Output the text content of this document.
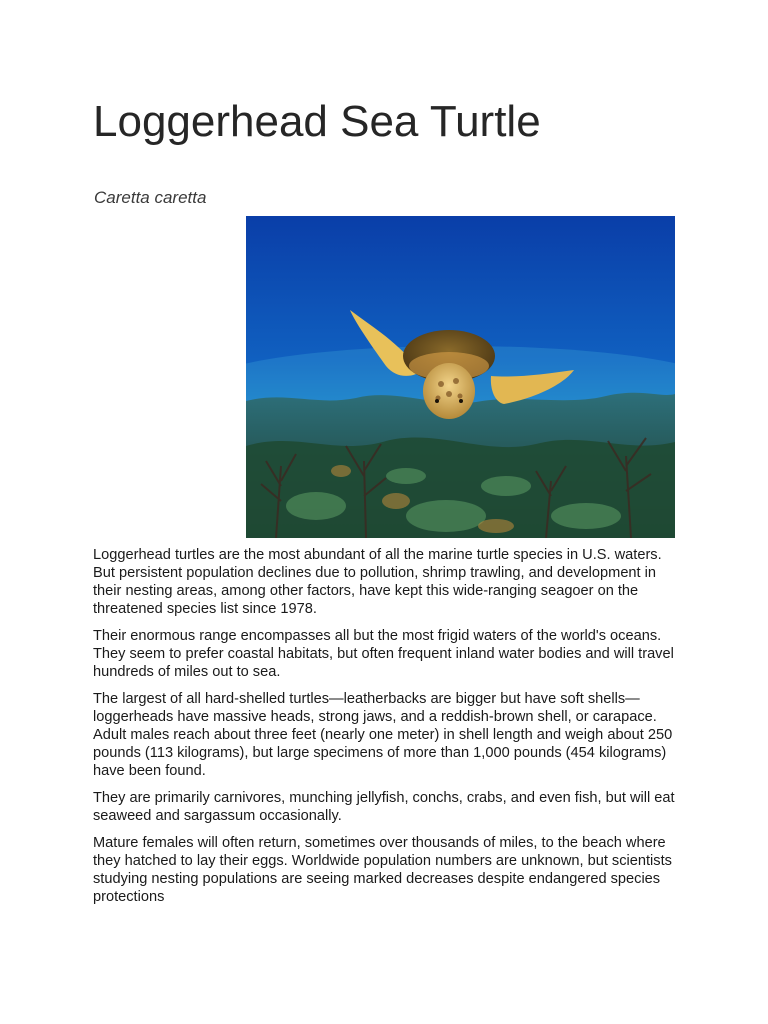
Loggerhead Sea Turtle

Caretta caretta

Loggerhead turtles are the most abundant of all the marine turtle species in U.S. waters. But persistent population declines due to pollution, shrimp trawling, and development in their nesting areas, among other factors, have kept this wide-ranging seagoer on the threatened species list since 1978.

Their enormous range encompasses all but the most frigid waters of the world's oceans. They seem to prefer coastal habitats, but often frequent inland water bodies and will travel hundreds of miles out to sea.

The largest of all hard-shelled turtles—leatherbacks are bigger but have soft shells—loggerheads have massive heads, strong jaws, and a reddish-brown shell, or carapace. Adult males reach about three feet (nearly one meter) in shell length and weigh about 250 pounds (113 kilograms), but large specimens of more than 1,000 pounds (454 kilograms) have been found.

They are primarily carnivores, munching jellyfish, conchs, crabs, and even fish, but will eat seaweed and sargassum occasionally.

Mature females will often return, sometimes over thousands of miles, to the beach where they hatched to lay their eggs. Worldwide population numbers are unknown, but scientists studying nesting populations are seeing marked decreases despite endangered species protections
